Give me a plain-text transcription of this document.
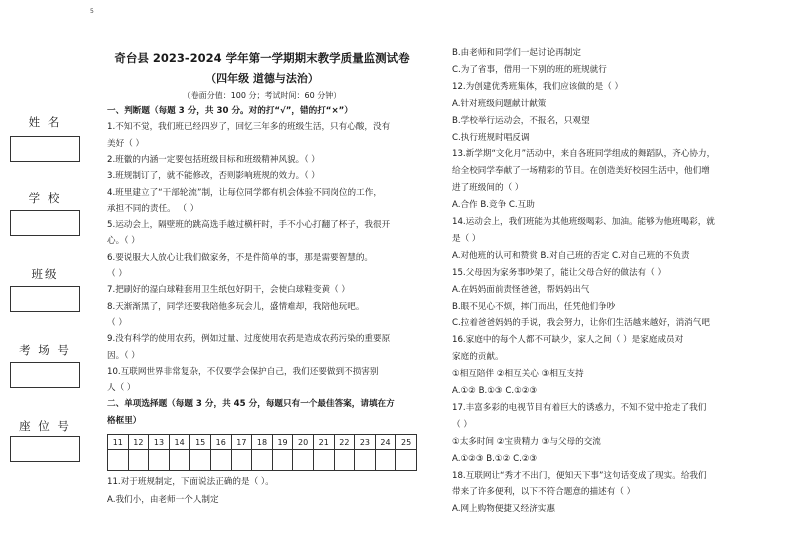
5
姓 名
学 校
班级
考 场 号
座 位 号
奇台县 2023-2024 学年第一学期期末教学质量监测试卷
（四年级 道德与法治）
（卷面分值：100 分；考试时间：60 分钟）
一、判断题（每题 3 分，共 30 分。对的打“√”，错的打“×”）
1.不知不觉，我们班已经四岁了，回忆三年多的班级生活，只有心酸，没有
美好（ ）
2.班徽的内涵一定要包括班级目标和班级精神风貌。（ ）
3.班规制订了，就不能修改，否则影响班规的效力。（ ）
4.班里建立了“干部轮流”制，让每位同学都有机会体验不同岗位的工作，
承担不同的责任。 （ ）
5.运动会上，隔壁班的跳高选手越过横杆时，手不小心打翻了杯子，我很开
心。（ ）
6.要说服大人放心让我们做家务，不是件简单的事，那是需要智慧的。
（ ）
7.把刷好的湿白球鞋套用卫生纸包好阴干，会使白球鞋变黄（ ）
8.天渐渐黑了，同学还要我陪他多玩会儿，盛情难却，我陪他玩吧。
（ ）
9.没有科学的使用农药，例如过量、过度使用农药是造成农药污染的重要原
因。（ ）
10.互联网世界非常复杂，不仅要学会保护自己，我们还要做到不损害别
人（ ）
二、单项选择题（每题 3 分，共 45 分，每题只有一个最佳答案，请填在方
格框里）
11.对于班规制定，下面说法正确的是（ ）。
A.我们小，由老师一个人制定
11	12	13	14	15	16	17	18	19	20	21	22	23	24	25

B.由老师和同学们一起讨论再制定
C.为了省事，借用一下别的班的班规就行
12.为创建优秀班集体，我们应该做的是（ ）
A.针对班级问题献计献策
B.学校举行运动会，不报名，只观望
C.执行班规时唱反调
13.新学期“文化月”活动中，来自各班同学组成的舞蹈队，齐心协力，
给全校同学奉献了一场精彩的节目。在创造美好校园生活中，他们增
进了班级间的（ ）
A.合作 B.竞争 C.互助
14.运动会上，我们班能为其他班级喝彩、加油。能够为他班喝彩，就
是（ ）
A.对他班的认可和赞赏 B.对自己班的否定 C.对自己班的不负责
15.父母因为家务事吵架了，能让父母合好的做法有（ ）
A.在妈妈面前责怪爸爸，帮妈妈出气
B.眼不见心不烦，摔门而出，任凭他们争吵
C.拉着爸爸妈妈的手说，我会努力，让你们生活越来越好，消消气吧
16.家庭中的每个人都不可缺少，家人之间（ ）是家庭成员对
家庭的贡献。
①相互陪伴 ②相互关心 ③相互支持
A.①② B.①③ C.①②③
17.丰富多彩的电视节目有着巨大的诱惑力，不知不觉中抢走了我们
（ ）
①太多时间 ②宝贵精力 ③与父母的交流
A.①②③ B.①② C.②③
18.互联网让“秀才不出门，便知天下事”这句话变成了现实。给我们
带来了许多便利，以下不符合题意的描述有（ ）
A.网上购物便捷又经济实惠
